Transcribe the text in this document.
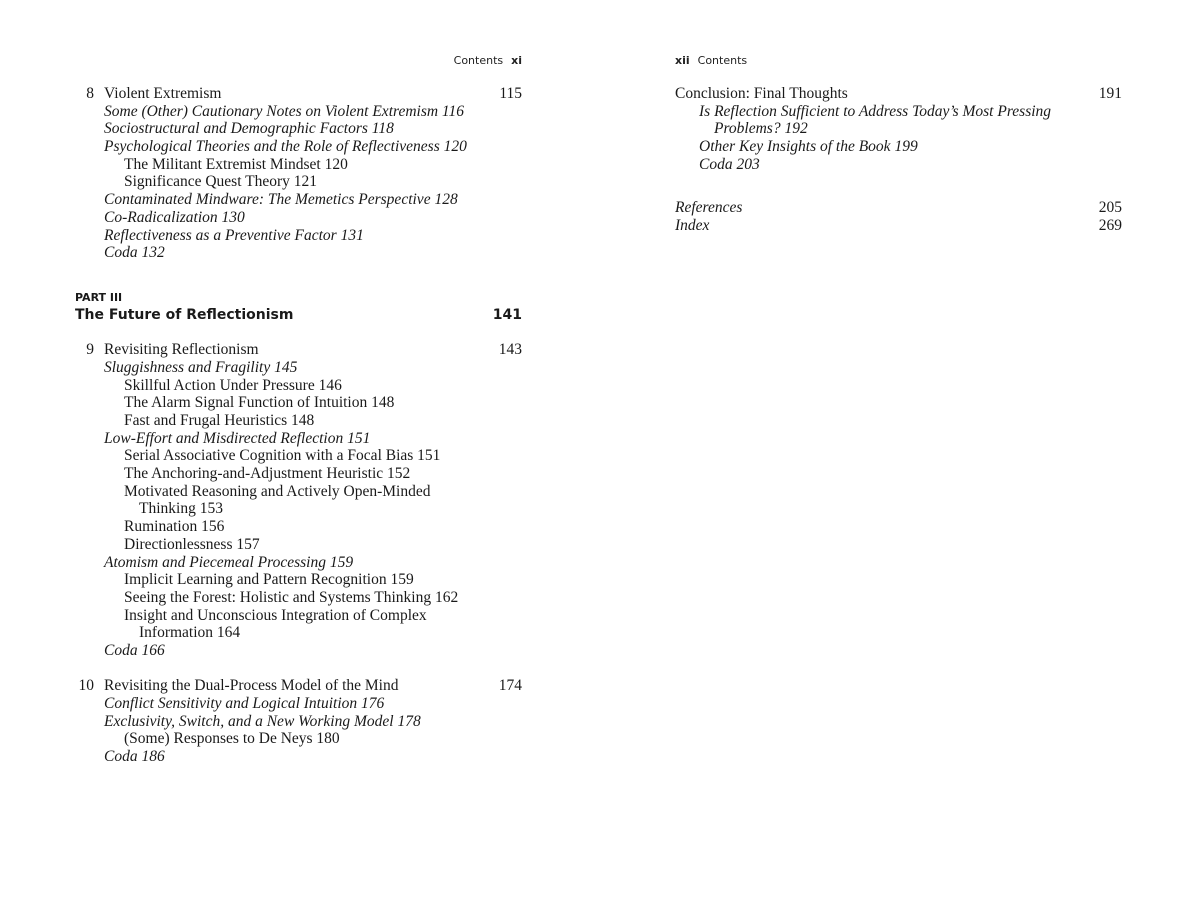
Contents xi
8 Violent Extremism	115
Some (Other) Cautionary Notes on Violent Extremism 116
Sociostructural and Demographic Factors 118
Psychological Theories and the Role of Reflectiveness 120
The Militant Extremist Mindset 120
Significance Quest Theory 121
Contaminated Mindware: The Memetics Perspective 128
Co-Radicalization 130
Reflectiveness as a Preventive Factor 131
Coda 132
PART III
The Future of Reflectionism	141
9 Revisiting Reflectionism	143
Sluggishness and Fragility 145
Skillful Action Under Pressure 146
The Alarm Signal Function of Intuition 148
Fast and Frugal Heuristics 148
Low-Effort and Misdirected Reflection 151
Serial Associative Cognition with a Focal Bias 151
The Anchoring-and-Adjustment Heuristic 152
Motivated Reasoning and Actively Open-Minded
Thinking 153
Rumination 156
Directionlessness 157
Atomism and Piecemeal Processing 159
Implicit Learning and Pattern Recognition 159
Seeing the Forest: Holistic and Systems Thinking 162
Insight and Unconscious Integration of Complex
Information 164
Coda 166
10 Revisiting the Dual-Process Model of the Mind	174
Conflict Sensitivity and Logical Intuition 176
Exclusivity, Switch, and a New Working Model 178
(Some) Responses to De Neys 180
Coda 186
xii Contents
Conclusion: Final Thoughts	191
Is Reflection Sufficient to Address Today’s Most Pressing
Problems? 192
Other Key Insights of the Book 199
Coda 203
References	205
Index	269
